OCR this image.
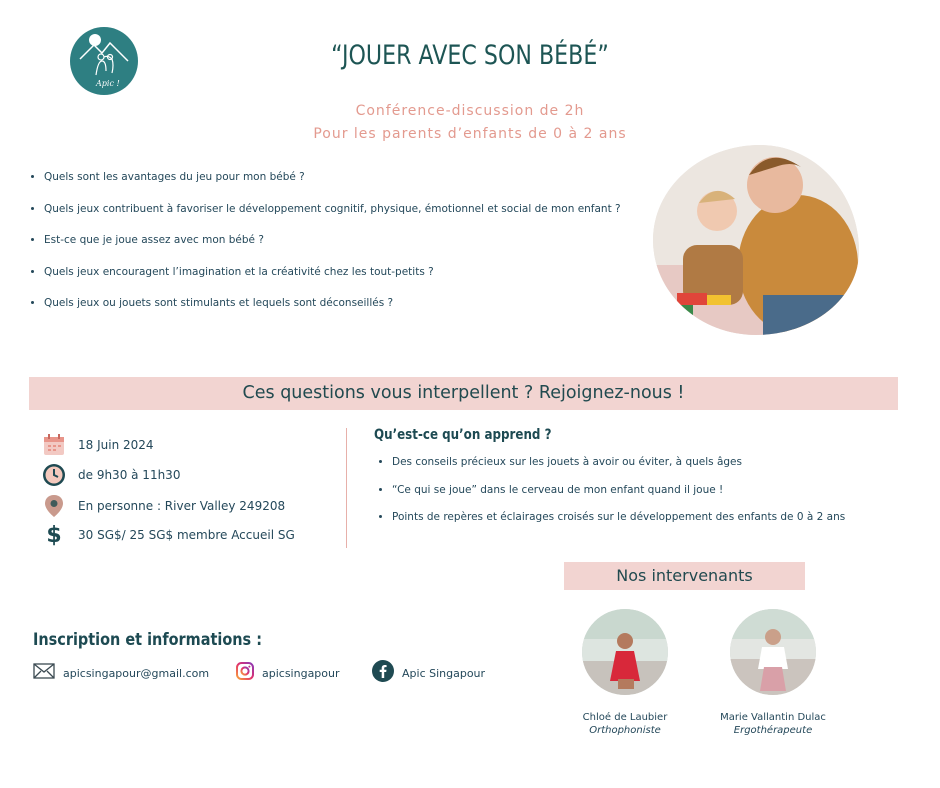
Apic !
“JOUER AVEC SON BÉBÉ”
Conférence-discussion de 2h
Pour les parents d’enfants de 0 à 2 ans
• Quels sont les avantages du jeu pour mon bébé ?
• Quels jeux contribuent à favoriser le développement cognitif, physique, émotionnel et social de mon enfant ?
• Est-ce que je joue assez avec mon bébé ?
• Quels jeux encouragent l’imagination et la créativité chez les tout-petits ?
• Quels jeux ou jouets sont stimulants et lequels sont déconseillés ?
Ces questions vous interpellent ? Rejoignez-nous !
18 Juin 2024
de 9h30 à 11h30
En personne : River Valley 249208
$ 30 SG$/ 25 SG$ membre Accueil SG
Qu’est-ce qu’on apprend ?
• Des conseils précieux sur les jouets à avoir ou éviter, à quels âges
• “Ce qui se joue” dans le cerveau de mon enfant quand il joue !
• Points de repères et éclairages croisés sur le développement des enfants de 0 à 2 ans
Nos intervenants
Chloé de Laubier
Orthophoniste
Marie Vallantin Dulac
Ergothérapeute
Inscription et informations :
apicsingapour@gmail.com	apicsingapour	Apic Singapour
